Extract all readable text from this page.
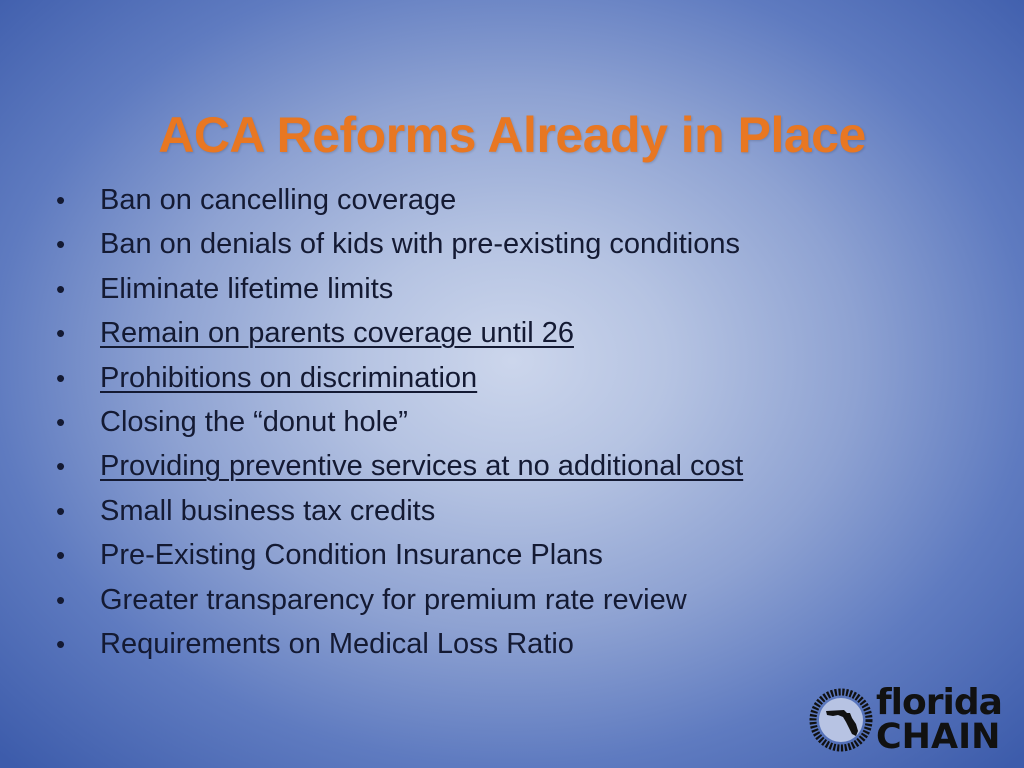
ACA Reforms Already in Place
•	Ban on cancelling coverage
•	Ban on denials of kids with pre-existing conditions
•	Eliminate lifetime limits
•	Remain on parents coverage until 26
•	Prohibitions on discrimination
•	Closing the “donut hole”
•	Providing preventive services at no additional cost
•	Small business tax credits
•	Pre-Existing Condition Insurance Plans
•	Greater transparency for premium rate review
•	Requirements on Medical Loss Ratio
florida
CHAIN
